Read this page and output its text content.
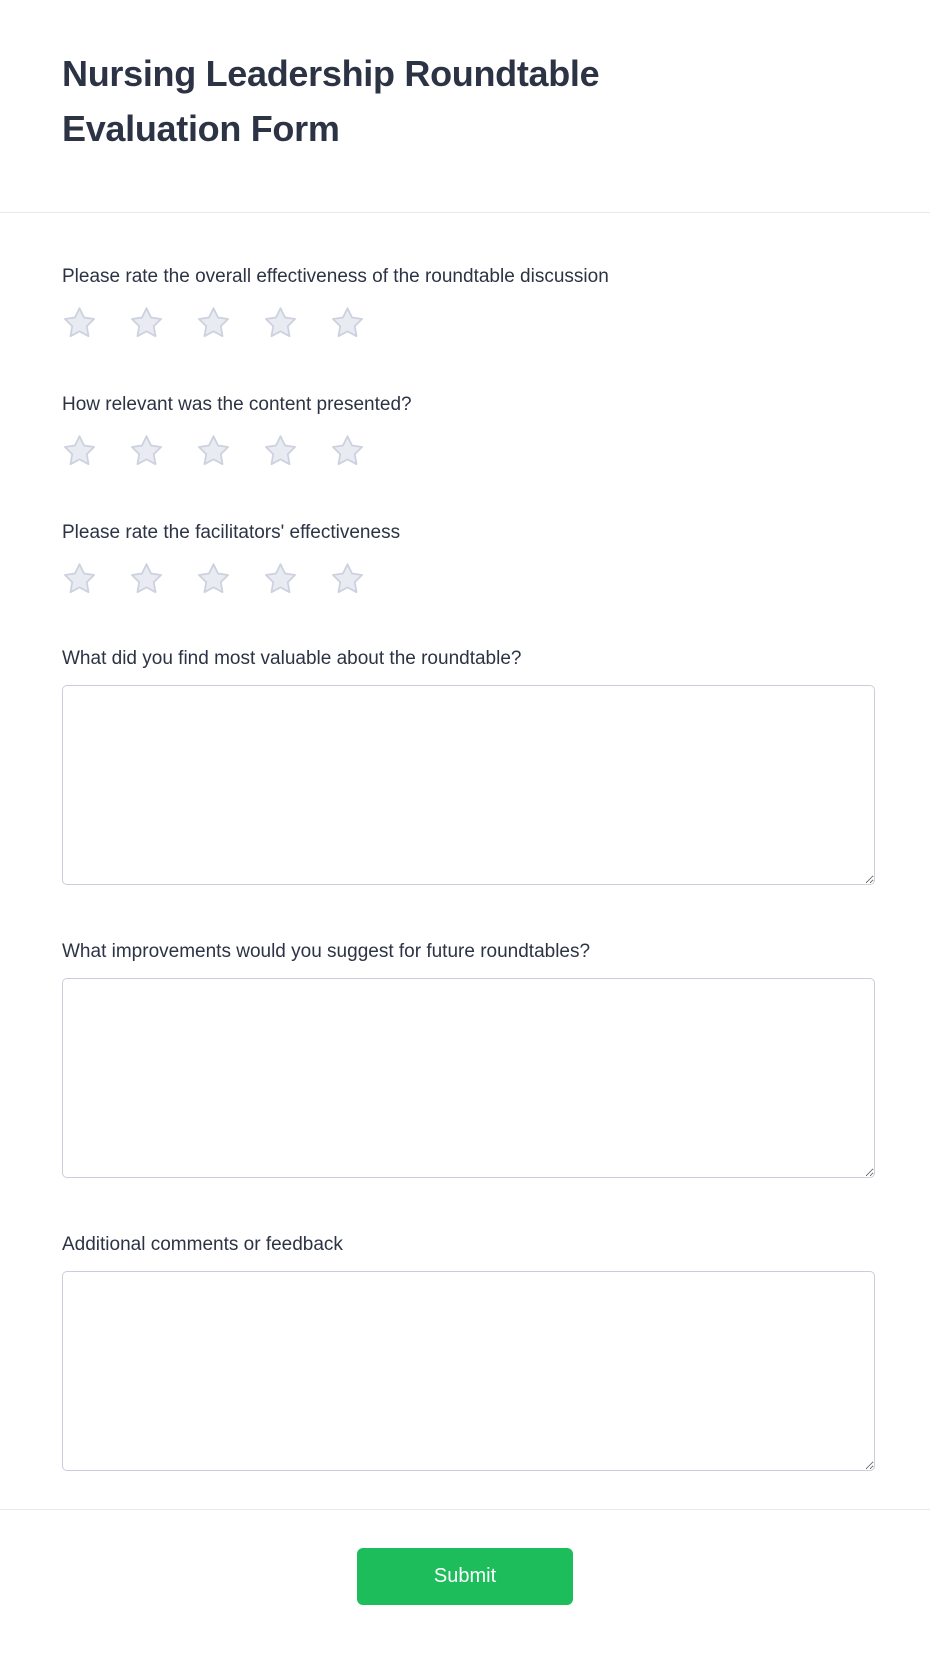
Nursing Leadership Roundtable Evaluation Form
Please rate the overall effectiveness of the roundtable discussion
How relevant was the content presented?
Please rate the facilitators' effectiveness
What did you find most valuable about the roundtable?
What improvements would you suggest for future roundtables?
Additional comments or feedback
Submit
